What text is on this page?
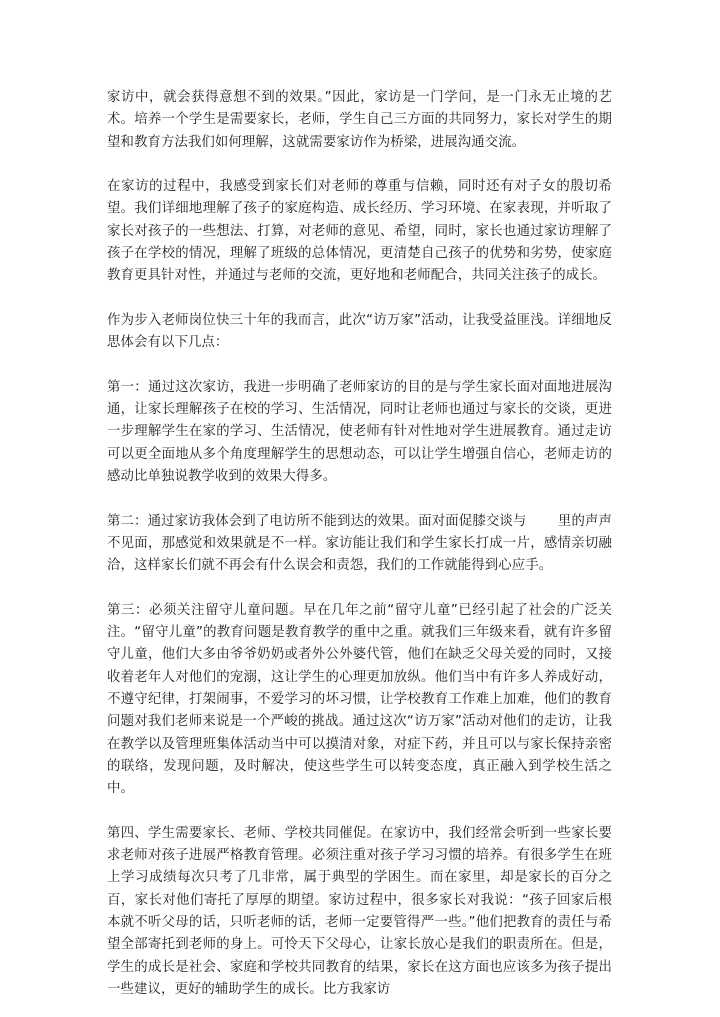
家访中，就会获得意想不到的效果。”因此，家访是一门学问，是一门永无止境的艺术。培养一个学生是需要家长，老师，学生自己三方面的共同努力，家长对学生的期望和教育方法我们如何理解，这就需要家访作为桥梁，进展沟通交流。

在家访的过程中，我感受到家长们对老师的尊重与信赖，同时还有对子女的殷切希望。我们详细地理解了孩子的家庭构造、成长经历、学习环境、在家表现，并听取了家长对孩子的一些想法、打算，对老师的意见、希望，同时，家长也通过家访理解了孩子在学校的情况，理解了班级的总体情况，更清楚自己孩子的优势和劣势，使家庭教育更具针对性，并通过与老师的交流，更好地和老师配合，共同关注孩子的成长。

作为步入老师岗位快三十年的我而言，此次“访万家”活动，让我受益匪浅。详细地反思体会有以下几点：

第一：通过这次家访，我进一步明确了老师家访的目的是与学生家长面对面地进展沟通，让家长理解孩子在校的学习、生活情况，同时让老师也通过与家长的交谈，更进一步理解学生在家的学习、生活情况，使老师有针对性地对学生进展教育。通过走访可以更全面地从多个角度理解学生的思想动态，可以让学生增强自信心，老师走访的感动比单独说教学收到的效果大得多。

第二：通过家访我体会到了电访所不能到达的效果。面对面促膝交谈与　 　里的声声不见面，那感觉和效果就是不一样。家访能让我们和学生家长打成一片，感情亲切融洽，这样家长们就不再会有什么误会和责怨，我们的工作就能得到心应手。

第三：必须关注留守儿童问题。早在几年之前“留守儿童”已经引起了社会的广泛关注。“留守儿童”的教育问题是教育教学的重中之重。就我们三年级来看，就有许多留守儿童，他们大多由爷爷奶奶或者外公外婆代管，他们在缺乏父母关爱的同时，又接收着老年人对他们的宠溺，这让学生的心理更加放纵。他们当中有许多人养成好动，不遵守纪律，打架闹事，不爱学习的坏习惯，让学校教育工作难上加难，他们的教育问题对我们老师来说是一个严峻的挑战。通过这次“访万家”活动对他们的走访，让我在教学以及管理班集体活动当中可以摸清对象，对症下药，并且可以与家长保持亲密的联络，发现问题，及时解决，使这些学生可以转变态度，真正融入到学校生活之中。

第四、学生需要家长、老师、学校共同催促。在家访中，我们经常会听到一些家长要求老师对孩子进展严格教育管理。必须注重对孩子学习习惯的培养。有很多学生在班上学习成绩每次只考了几非常，属于典型的学困生。而在家里，却是家长的百分之百，家长对他们寄托了厚厚的期望。家访过程中，很多家长对我说：“孩子回家后根本就不听父母的话，只听老师的话，老师一定要管得严一些。”他们把教育的责任与希望全部寄托到老师的身上。可怜天下父母心，让家长放心是我们的职责所在。但是，学生的成长是社会、家庭和学校共同教育的结果，家长在这方面也应该多为孩子提出一些建议，更好的辅助学生的成长。比方我家访
